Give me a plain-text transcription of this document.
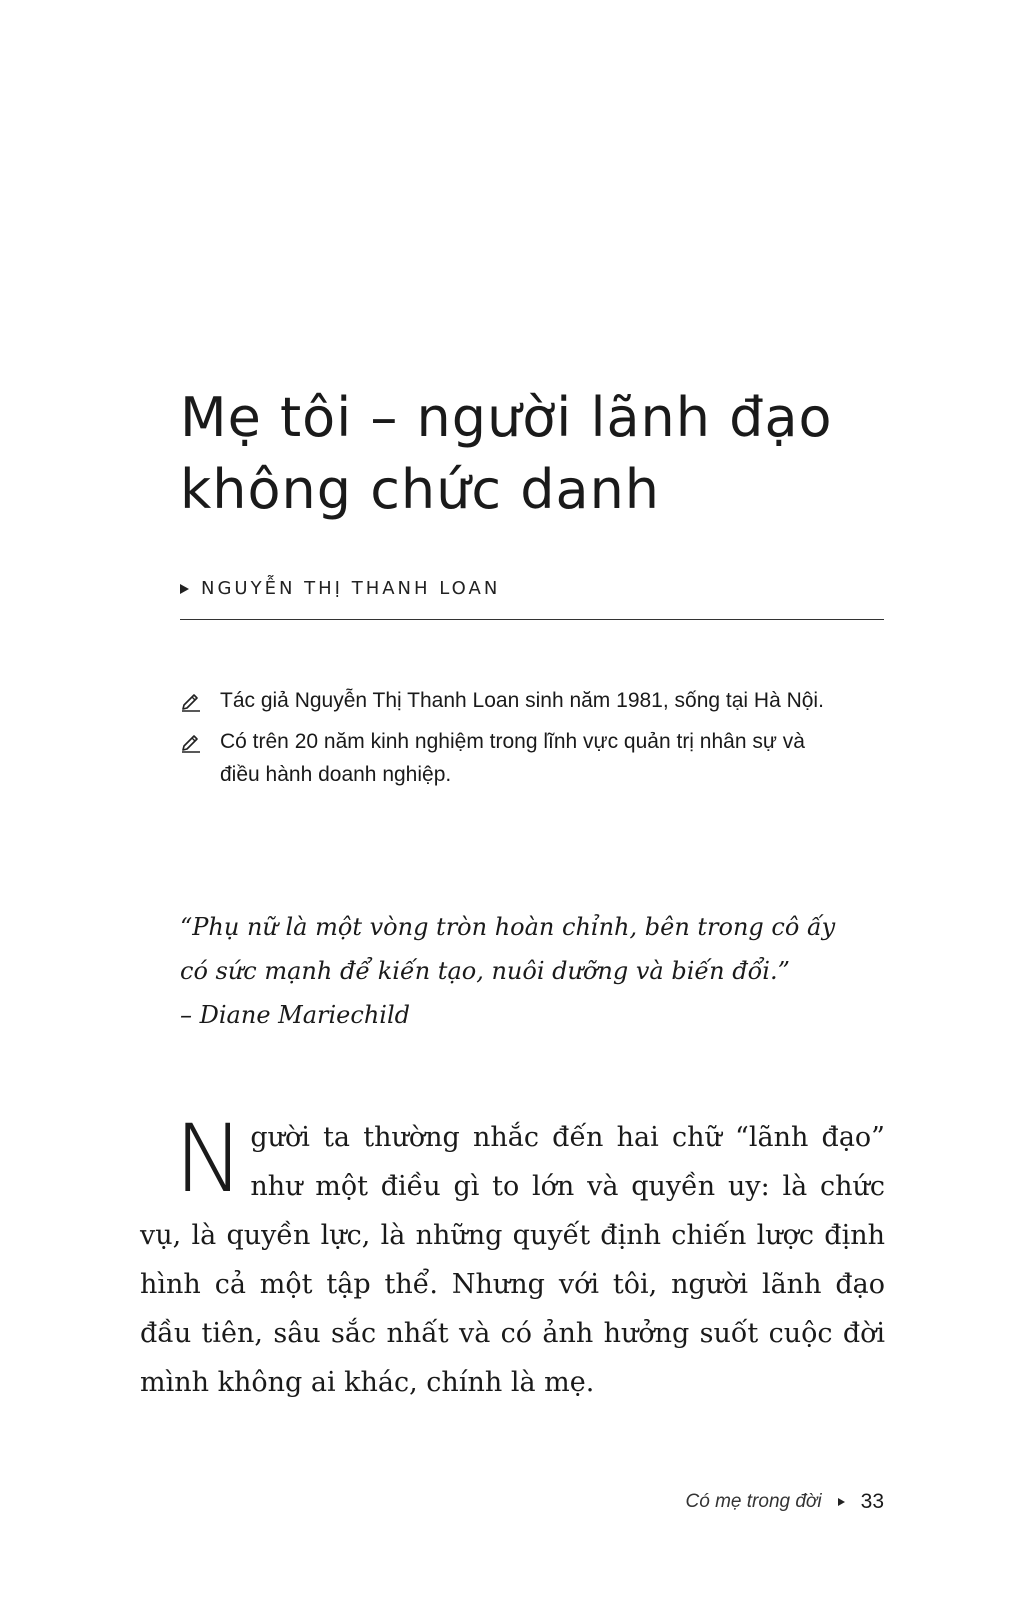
Mẹ tôi – người lãnh đạo
không chức danh
NGUYỄN THỊ THANH LOAN
Tác giả Nguyễn Thị Thanh Loan sinh năm 1981, sống tại Hà Nội.
Có trên 20 năm kinh nghiệm trong lĩnh vực quản trị nhân sự và điều hành doanh nghiệp.
“Phụ nữ là một vòng tròn hoàn chỉnh, bên trong cô ấy
có sức mạnh để kiến tạo, nuôi dưỡng và biến đổi.”
– Diane Mariechild
N gười ta thường nhắc đến hai chữ “lãnh đạo” như một điều gì to lớn và quyền uy: là chức vụ, là quyền lực, là những quyết định chiến lược định hình cả một tập thể. Nhưng với tôi, người lãnh đạo đầu tiên, sâu sắc nhất và có ảnh hưởng suốt cuộc đời mình không ai khác, chính là mẹ.
Có mẹ trong đời 33
